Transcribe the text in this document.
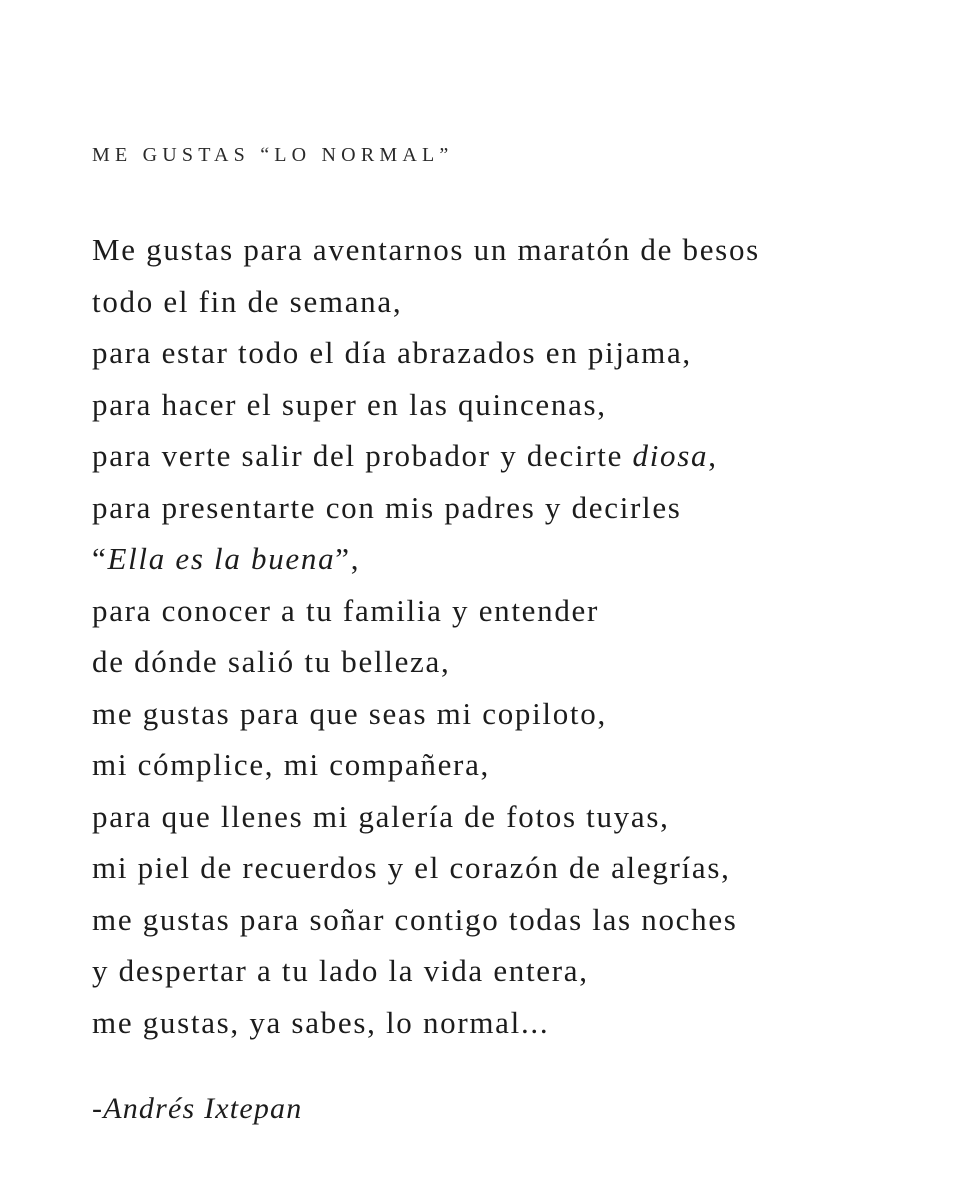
ME GUSTAS “LO NORMAL”
Me gustas para aventarnos un maratón de besos
todo el fin de semana,
para estar todo el día abrazados en pijama,
para hacer el super en las quincenas,
para verte salir del probador y decirte diosa,
para presentarte con mis padres y decirles
“Ella es la buena”,
para conocer a tu familia y entender
de dónde salió tu belleza,
me gustas para que seas mi copiloto,
mi cómplice, mi compañera,
para que llenes mi galería de fotos tuyas,
mi piel de recuerdos y el corazón de alegrías,
me gustas para soñar contigo todas las noches
y despertar a tu lado la vida entera,
me gustas, ya sabes, lo normal...
-Andrés Ixtepan
